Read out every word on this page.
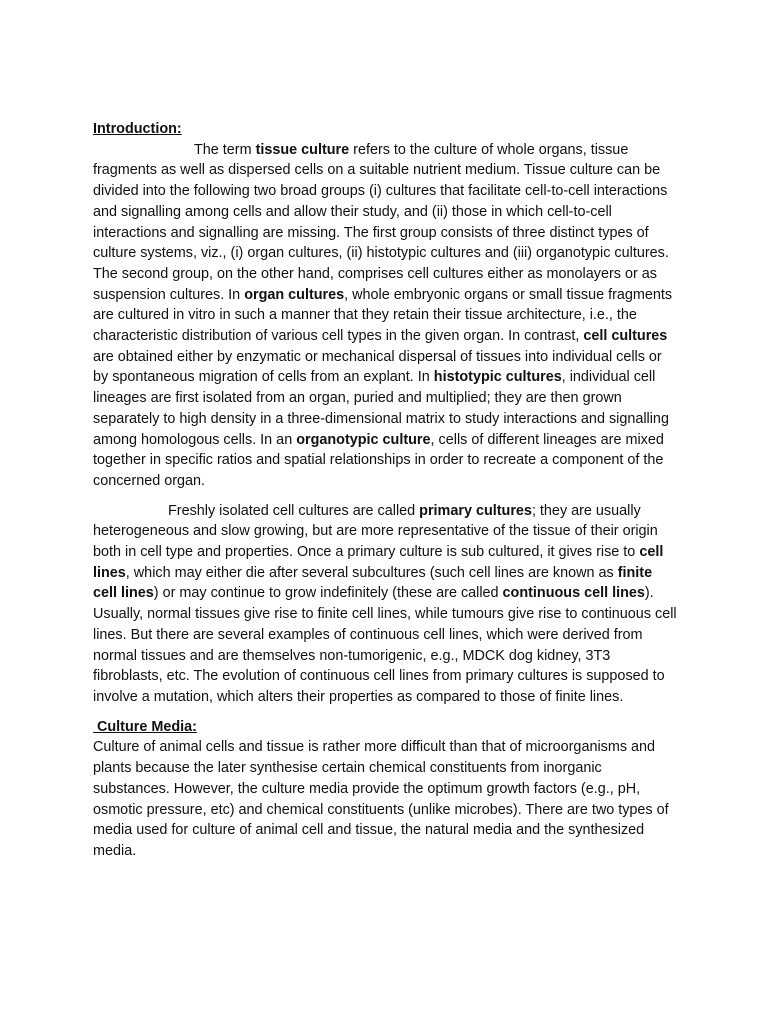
Introduction:

The term tissue culture refers to the culture of whole organs, tissue fragments as well as dispersed cells on a suitable nutrient medium. Tissue culture can be divided into the following two broad groups (i) cultures that facilitate cell-to-cell interactions and signalling among cells and allow their study, and (ii) those in which cell-to-cell interactions and signalling are missing. The first group consists of three distinct types of culture systems, viz., (i) organ cultures, (ii) histotypic cultures and (iii) organotypic cultures. The second group, on the other hand, comprises cell cultures either as monolayers or as suspension cultures. In organ cultures, whole embryonic organs or small tissue fragments are cultured in vitro in such a manner that they retain their tissue architecture, i.e., the characteristic distribution of various cell types in the given organ. In contrast, cell cultures are obtained either by enzymatic or mechanical dispersal of tissues into individual cells or by spontaneous migration of cells from an explant. In histotypic cultures, individual cell lineages are first isolated from an organ, puried and multiplied; they are then grown separately to high density in a three-dimensional matrix to study interactions and signalling among homologous cells. In an organotypic culture, cells of different lineages are mixed together in specific ratios and spatial relationships in order to recreate a component of the concerned organ.

Freshly isolated cell cultures are called primary cultures; they are usually heterogeneous and slow growing, but are more representative of the tissue of their origin both in cell type and properties. Once a primary culture is sub cultured, it gives rise to cell lines, which may either die after several subcultures (such cell lines are known as finite cell lines) or may continue to grow indefinitely (these are called continuous cell lines). Usually, normal tissues give rise to finite cell lines, while tumours give rise to continuous cell lines. But there are several examples of continuous cell lines, which were derived from normal tissues and are themselves non-tumorigenic, e.g., MDCK dog kidney, 3T3 fibroblasts, etc. The evolution of continuous cell lines from primary cultures is supposed to involve a mutation, which alters their properties as compared to those of finite lines.

Culture Media:

Culture of animal cells and tissue is rather more difficult than that of microorganisms and plants because the later synthesise certain chemical constituents from inorganic substances. However, the culture media provide the optimum growth factors (e.g., pH, osmotic pressure, etc) and chemical constituents (unlike microbes). There are two types of media used for culture of animal cell and tissue, the natural media and the synthesized media.
